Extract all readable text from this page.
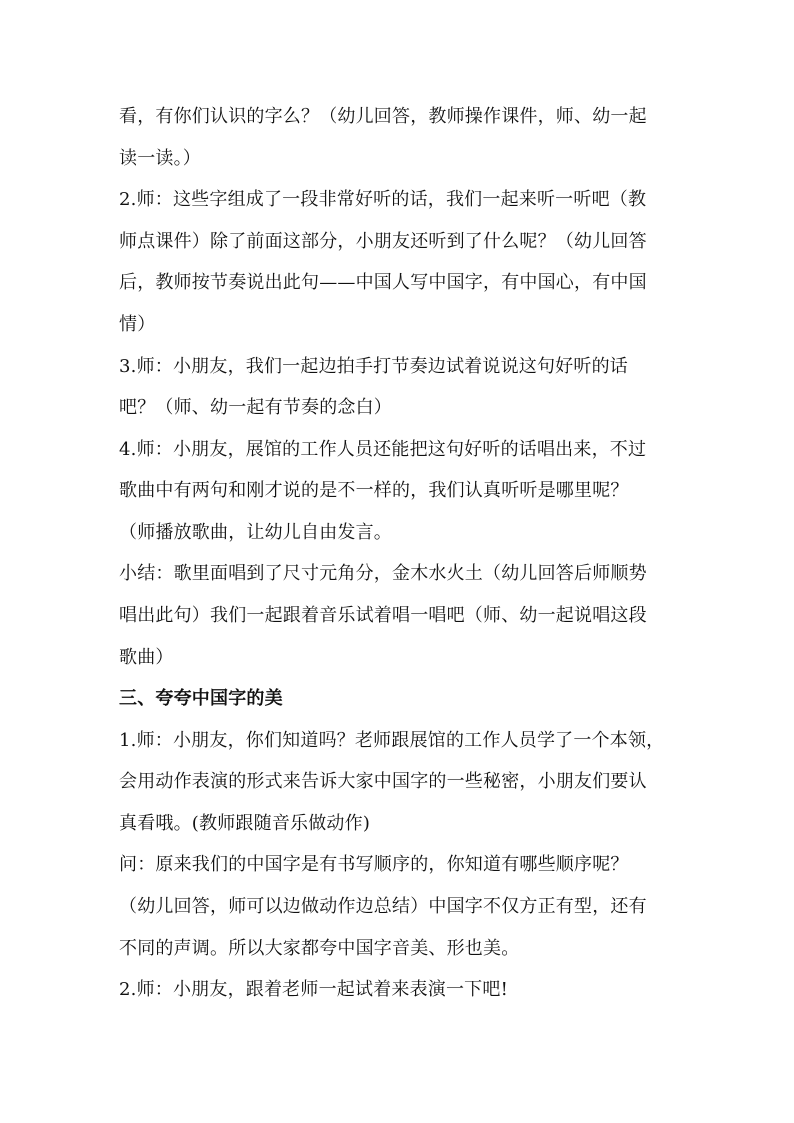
看，有你们认识的字么？（幼儿回答，教师操作课件，师、幼一起

读一读。）

2.师：这些字组成了一段非常好听的话，我们一起来听一听吧（教

师点课件）除了前面这部分，小朋友还听到了什么呢？（幼儿回答

后，教师按节奏说出此句——中国人写中国字，有中国心，有中国

情）

3.师：小朋友，我们一起边拍手打节奏边试着说说这句好听的话

吧？（师、幼一起有节奏的念白）

4.师：小朋友，展馆的工作人员还能把这句好听的话唱出来，不过

歌曲中有两句和刚才说的是不一样的，我们认真听听是哪里呢？

（师播放歌曲，让幼儿自由发言。

小结：歌里面唱到了尺寸元角分，金木水火土（幼儿回答后师顺势

唱出此句）我们一起跟着音乐试着唱一唱吧（师、幼一起说唱这段

歌曲）

三、夸夸中国字的美

1.师：小朋友，你们知道吗？老师跟展馆的工作人员学了一个本领，

会用动作表演的形式来告诉大家中国字的一些秘密，小朋友们要认

真看哦。(教师跟随音乐做动作)

问：原来我们的中国字是有书写顺序的，你知道有哪些顺序呢？

（幼儿回答，师可以边做动作边总结）中国字不仅方正有型，还有

不同的声调。所以大家都夸中国字音美、形也美。

2.师：小朋友，跟着老师一起试着来表演一下吧!
